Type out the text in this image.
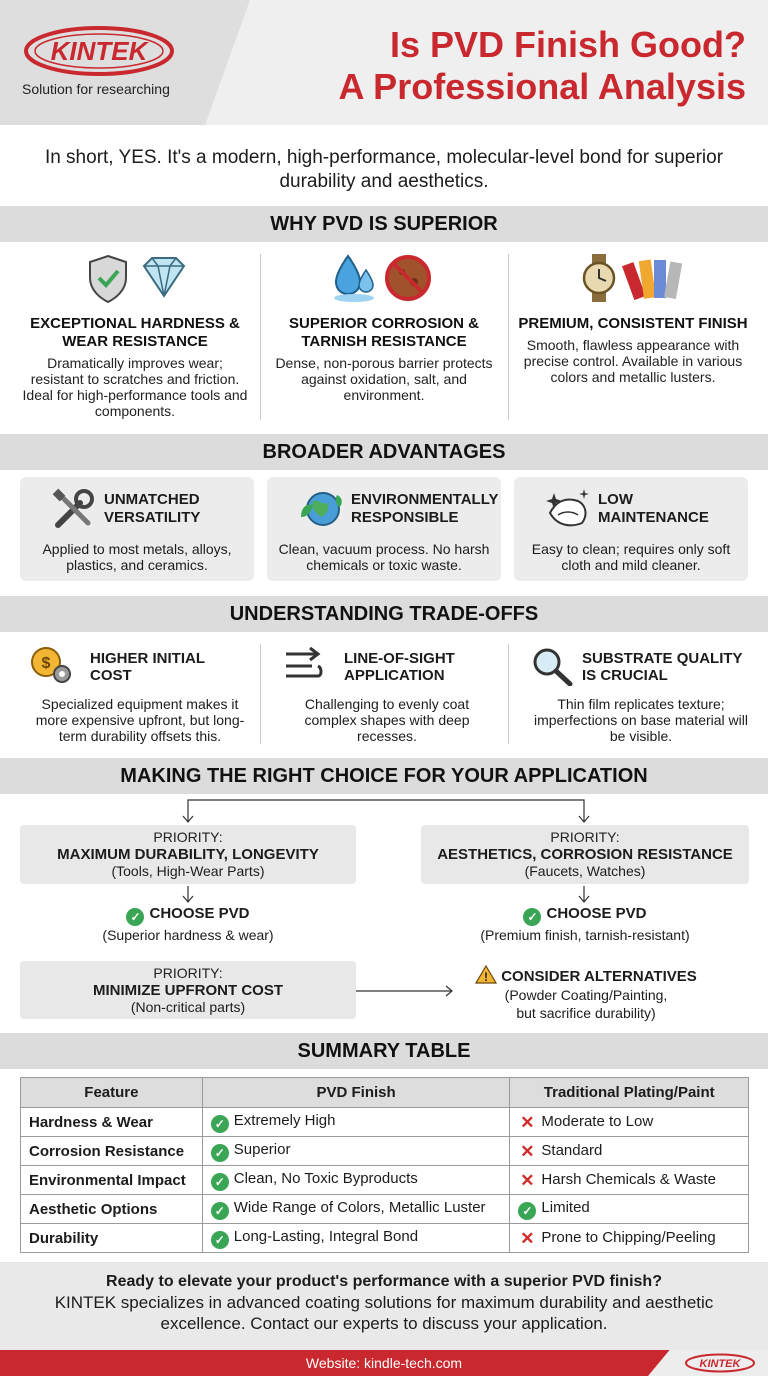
KINTEK
Solution for researching
Is PVD Finish Good?
A Professional Analysis
In short, YES. It's a modern, high-performance, molecular-level bond for superior durability and aesthetics.
WHY PVD IS SUPERIOR
EXCEPTIONAL HARDNESS & WEAR RESISTANCE

Dramatically improves wear; resistant to scratches and friction. Ideal for high-performance tools and components.

SUPERIOR CORROSION & TARNISH RESISTANCE

Dense, non-porous barrier protects against oxidation, salt, and environment.

PREMIUM, CONSISTENT FINISH

Smooth, flawless appearance with precise control. Available in various colors and metallic lusters.

BROADER ADVANTAGES
UNMATCHED VERSATILITY

Applied to most metals, alloys, plastics, and ceramics.

ENVIRONMENTALLY RESPONSIBLE

Clean, vacuum process. No harsh chemicals or toxic waste.

LOW MAINTENANCE

Easy to clean; requires only soft cloth and mild cleaner.

UNDERSTANDING TRADE-OFFS
$	HIGHER INITIAL COST

Specialized equipment makes it more expensive upfront, but long-term durability offsets this.

LINE-OF-SIGHT APPLICATION

Challenging to evenly coat complex shapes with deep recesses.

SUBSTRATE QUALITY IS CRUCIAL

Thin film replicates texture; imperfections on base material will be visible.

MAKING THE RIGHT CHOICE FOR YOUR APPLICATION
PRIORITY:
MAXIMUM DURABILITY, LONGEVITY
(Tools, High-Wear Parts)
PRIORITY:
AESTHETICS, CORROSION RESISTANCE
(Faucets, Watches)
✓ CHOOSE PVD
(Superior hardness & wear)
✓ CHOOSE PVD
(Premium finish, tarnish-resistant)
PRIORITY:
MINIMIZE UPFRONT COST
(Non-critical parts)
! CONSIDER ALTERNATIVES
(Powder Coating/Painting,
but sacrifice durability)
SUMMARY TABLE
Feature	PVD Finish	Traditional Plating/Paint
Hardness & Wear	✓ Extremely High	✕ Moderate to Low
Corrosion Resistance	✓ Superior	✕ Standard
Environmental Impact	✓ Clean, No Toxic Byproducts	✕ Harsh Chemicals & Waste
Aesthetic Options	✓ Wide Range of Colors, Metallic Luster	✓ Limited
Durability	✓ Long-Lasting, Integral Bond	✕ Prone to Chipping/Peeling
Ready to elevate your product's performance with a superior PVD finish?
KINTEK specializes in advanced coating solutions for maximum durability and aesthetic excellence. Contact our experts to discuss your application.
Website: kindle-tech.com	KINTEK
